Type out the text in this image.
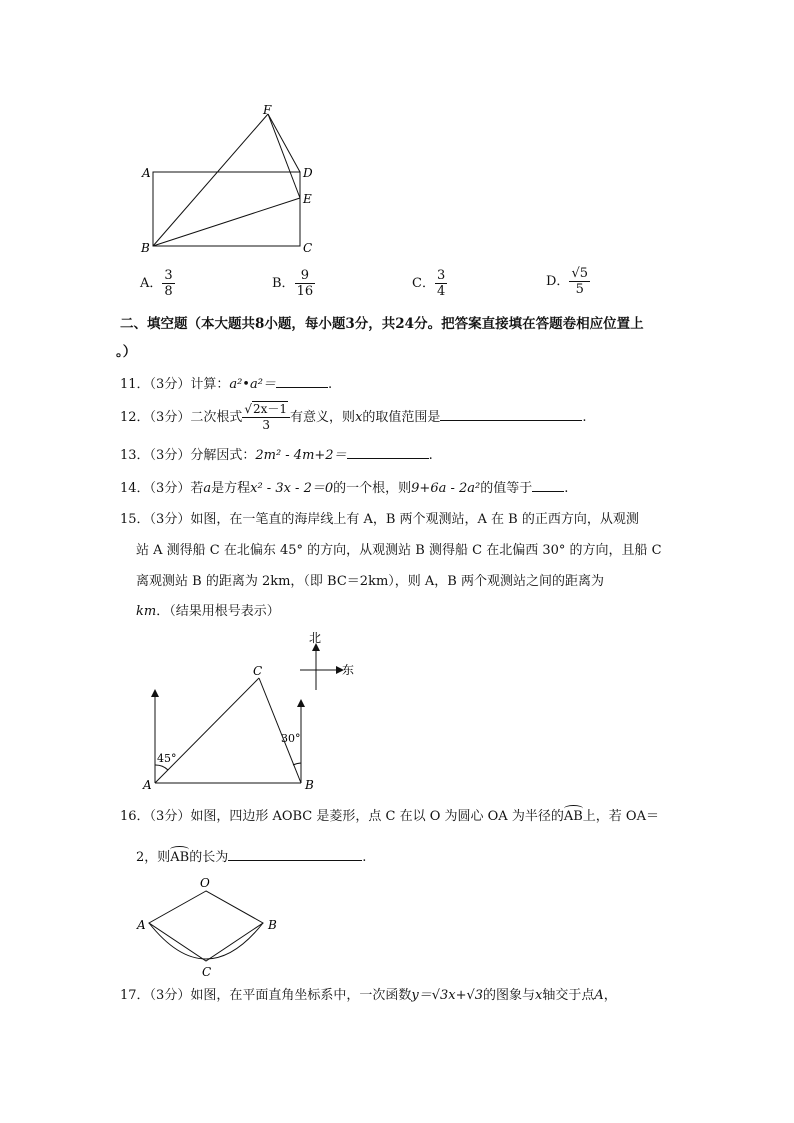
F
A	D
E
B	C
A． $\frac{3}{8}$	B． $\frac{9}{16}$	C． $\frac{3}{4}$	D． $\frac{√5}{5}$
二、填空题（本大题共8小题，每小题3分，共24分。把答案直接填在答题卷相应位置上
。）
11．（3分）计算：a²•a²＝	.
12．（3分）二次根式 $\frac{√2x-1}{3}$ 有意义，则x的取值范围是	.
13．（3分）分解因式：2m² - 4m+2＝	.
14．（3分）若a是方程x² - 3x - 2＝0的一个根，则9+6a - 2a²的值等于 .
15．（3分）如图，在一笔直的海岸线上有 A，B 两个观测站，A 在 B 的正西方向，从观测
站 A 测得船 C 在北偏东 45° 的方向，从观测站 B 测得船 C 在北偏西 30° 的方向，且船 C
离观测站 B 的距离为 2km，（即 BC＝2km），则 A，B 两个观测站之间的距离为
km．（结果用根号表示）
北
东
45°
30°
C
A	B
16．（3分）如图，四边形 AOBC 是菱形，点 C 在以 O 为圆心 OA 为半径的AB上，若 OA＝
2，则AB的长为	.
O
A	B
C
17．（3分）如图，在平面直角坐标系中，一次函数y＝√3x+√3的图象与x轴交于点A，
